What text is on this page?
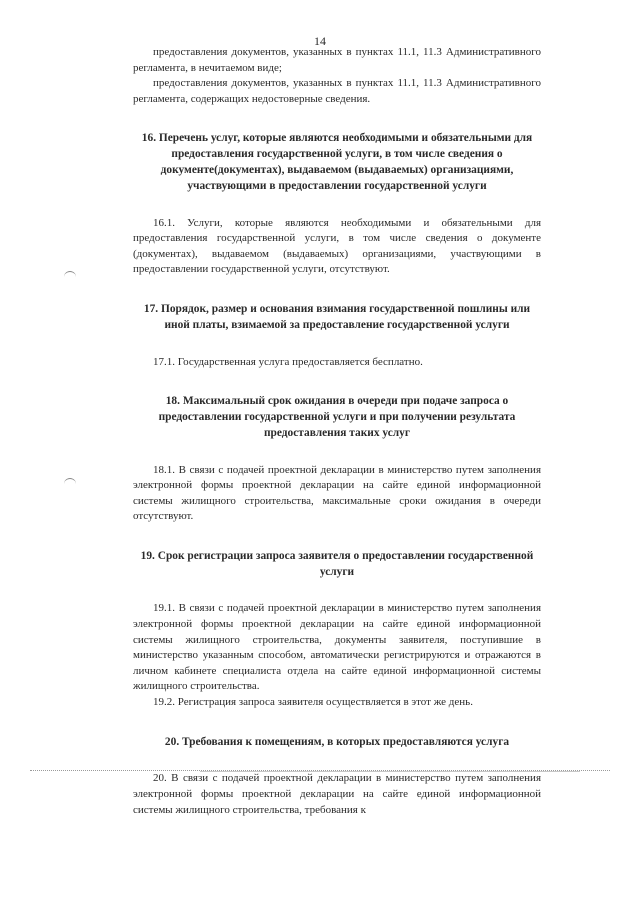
14

предоставления документов, указанных в пунктах 11.1, 11.3 Административного регламента, в нечитаемом виде;

предоставления документов, указанных в пунктах 11.1, 11.3 Административного регламента, содержащих недостоверные сведения.

16. Перечень услуг, которые являются необходимыми и обязательными для предоставления государственной услуги, в том числе сведения о документе(документах), выдаваемом (выдаваемых) организациями, участвующими в предоставлении государственной услуги

16.1. Услуги, которые являются необходимыми и обязательными для предоставления государственной услуги, в том числе сведения о документе (документах), выдаваемом (выдаваемых) организациями, участвующими в предоставлении государственной услуги, отсутствуют.

17. Порядок, размер и основания взимания государственной пошлины или иной платы, взимаемой за предоставление государственной услуги

17.1. Государственная услуга предоставляется бесплатно.

18. Максимальный срок ожидания в очереди при подаче запроса о предоставлении государственной услуги и при получении результата предоставления таких услуг

18.1. В связи с подачей проектной декларации в министерство путем заполнения электронной формы проектной декларации на сайте единой информационной системы жилищного строительства, максимальные сроки ожидания в очереди отсутствуют.

19. Срок регистрации запроса заявителя о предоставлении государственной услуги

19.1. В связи с подачей проектной декларации в министерство путем заполнения электронной формы проектной декларации на сайте единой информационной системы жилищного строительства, документы заявителя, поступившие в министерство указанным способом, автоматически регистрируются и отражаются в личном кабинете специалиста отдела на сайте единой информационной системы жилищного строительства.

19.2. Регистрация запроса заявителя осуществляется в этот же день.

20. Требования к помещениям, в которых предоставляются услуга

20. В связи с подачей проектной декларации в министерство путем заполнения электронной формы проектной декларации на сайте единой информационной системы жилищного строительства, требования к
